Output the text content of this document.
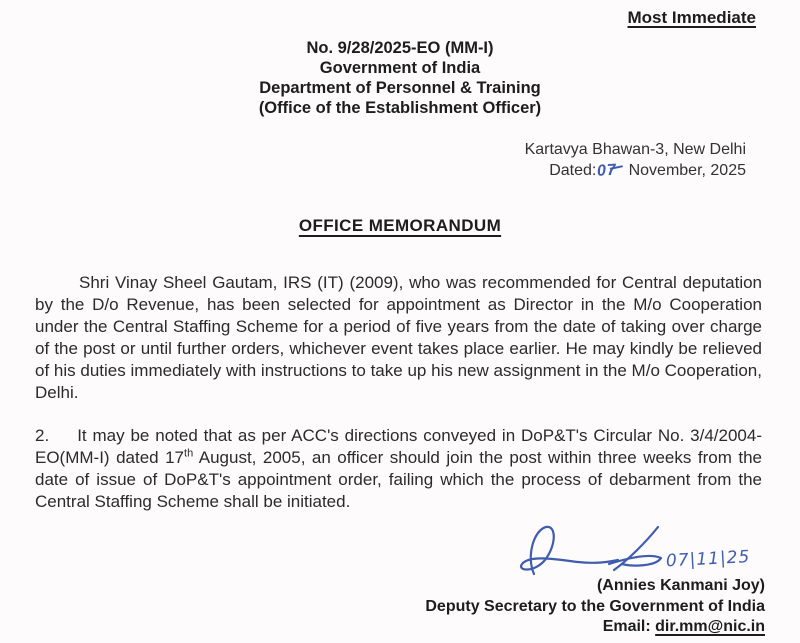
Most Immediate
No. 9/28/2025-EO (MM-I)
Government of India
Department of Personnel & Training
(Office of the Establishment Officer)
Kartavya Bhawan-3, New Delhi
Dated:07 November, 2025
OFFICE MEMORANDUM

Shri Vinay Sheel Gautam, IRS (IT) (2009), who was recommended for Central deputation by the D/o Revenue, has been selected for appointment as Director in the M/o Cooperation under the Central Staffing Scheme for a period of five years from the date of taking over charge of the post or until further orders, whichever event takes place earlier. He may kindly be relieved of his duties immediately with instructions to take up his new assignment in the M/o Cooperation, Delhi.

2. It may be noted that as per ACC's directions conveyed in DoP&T's Circular No. 3/4/2004-EO(MM-I) dated 17th August, 2005, an officer should join the post within three weeks from the date of issue of DoP&T's appointment order, failing which the process of debarment from the Central Staffing Scheme shall be initiated.

07|11|25
(Annies Kanmani Joy)
Deputy Secretary to the Government of India
Email: dir.mm@nic.in
